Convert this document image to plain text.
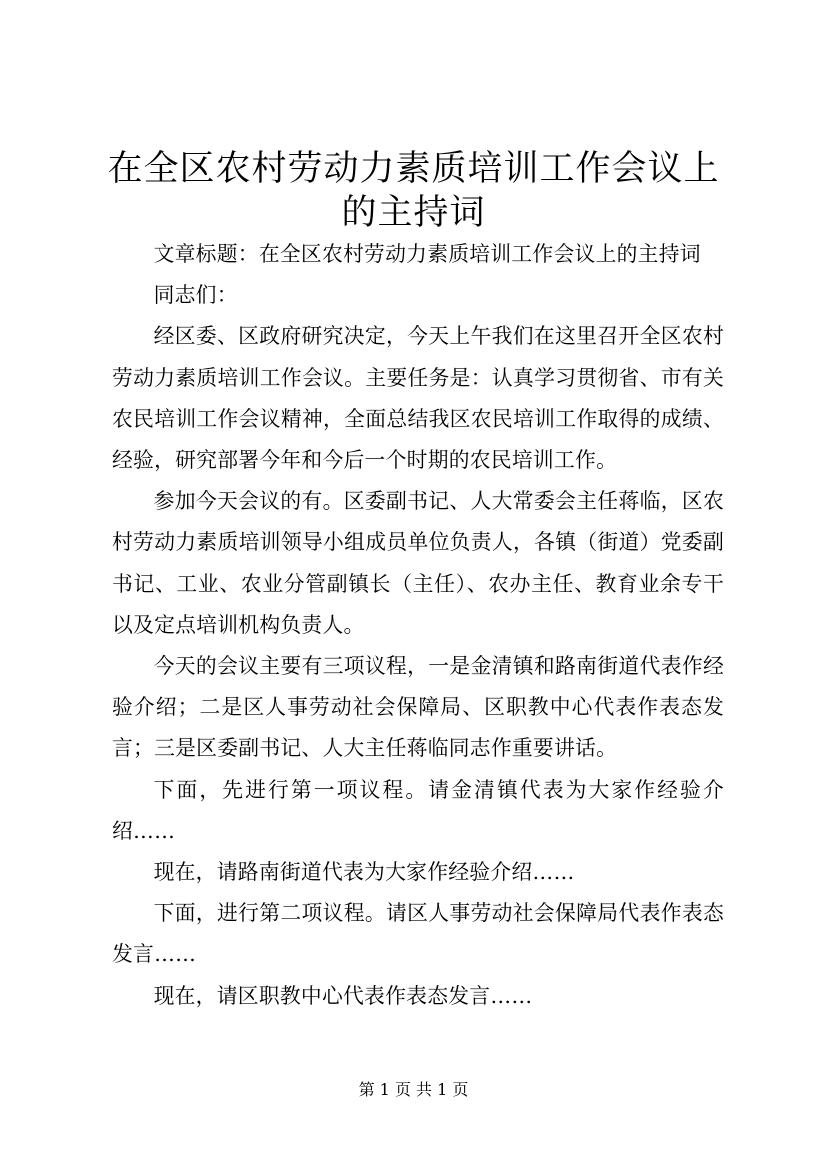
在全区农村劳动力素质培训工作会议上的主持词

文章标题：在全区农村劳动力素质培训工作会议上的主持词

同志们：

经区委、区政府研究决定，今天上午我们在这里召开全区农村劳动力素质培训工作会议。主要任务是：认真学习贯彻省、市有关农民培训工作会议精神，全面总结我区农民培训工作取得的成绩、经验，研究部署今年和今后一个时期的农民培训工作。

参加今天会议的有。区委副书记、人大常委会主任蒋临，区农村劳动力素质培训领导小组成员单位负责人，各镇（街道）党委副书记、工业、农业分管副镇长（主任）、农办主任、教育业余专干以及定点培训机构负责人。

今天的会议主要有三项议程，一是金清镇和路南街道代表作经验介绍；二是区人事劳动社会保障局、区职教中心代表作表态发言；三是区委副书记、人大主任蒋临同志作重要讲话。

下面，先进行第一项议程。请金清镇代表为大家作经验介绍……

现在，请路南街道代表为大家作经验介绍……

下面，进行第二项议程。请区人事劳动社会保障局代表作表态发言……

现在，请区职教中心代表作表态发言……

第 1 页 共 1 页
